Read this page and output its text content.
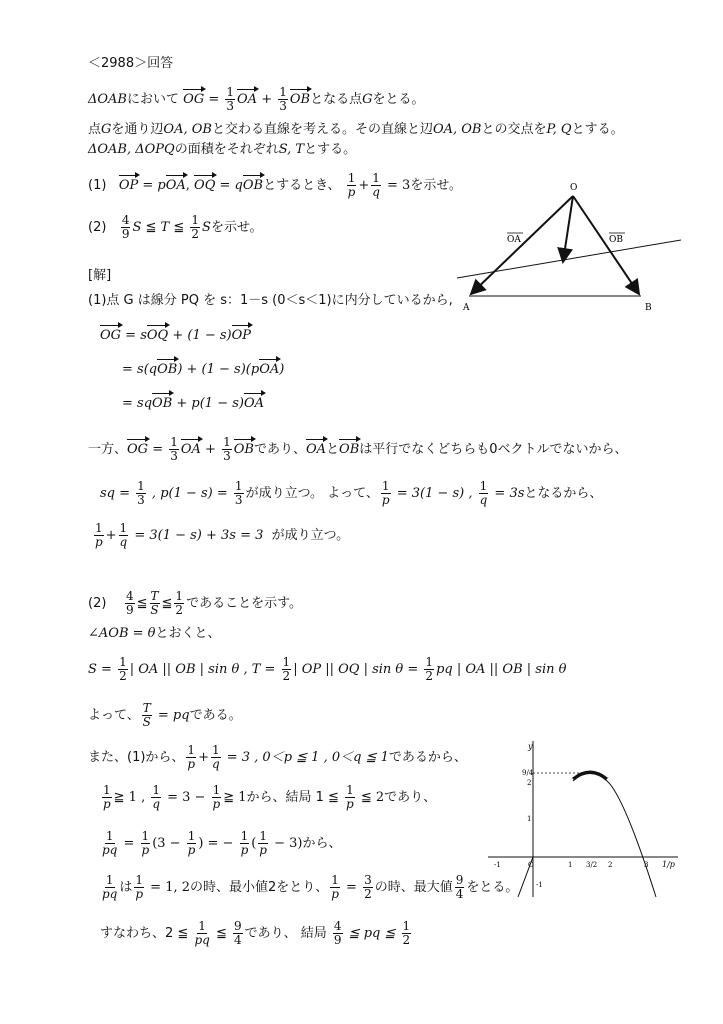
＜2988＞回答
ΔOABにおいて OG = $\frac{1}{3}$ OA + $\frac{1}{3}$ OBとなる点Gをとる。
点Gを通り辺OA, OBと交わる直線を考える。その直線と辺OA, OBとの交点をP, Qとする。
ΔOAB, ΔOPQの面積をそれぞれS, Tとする。
(1) OP = pOA, OQ = qOBとするとき、 $\frac{1}{p} + \frac{1}{q} = 3$を示せ。
$(2) \frac{4}{9}$ S ≦ T ≦ $\frac{1}{2}$ Sを示せ。
O
A	B
OA	OB
[解]
(1)点 G は線分 PQ を s：1－s (0＜s＜1)に内分しているから,
OG = sOQ + (1 − s)OP
= s(qOB) + (1 − s)(pOA)
= sqOB + p(1 − s)OA
一方、OG = $\frac{1}{3}$ OA + $\frac{1}{3}$ OBであり、OAとOBは平行でなくどちらも0ベクトルでないから、
sq = $\frac{1}{3}$ , $p(1 - s) = \frac{1}{3}$ が成り立つ。 よって、 $\frac{1}{p} = 3(1 - s)$ , $\frac{1}{q} = 3s$となるから、
$\frac{1}{p} + \frac{1}{q} = 3(1 - s) + 3s = 3$ が成り立つ。
$(2) \frac{4}{9}$ ≦ $\frac{T}{S}$ ≦ $\frac{1}{2}$ であることを示す。
∠AOB = θとおくと、
$S = \frac{1}{2}$ | OA || OB | sin θ , $T = \frac{1}{2}$ | OP || OQ | $\sin \theta = \frac{1}{2}$ pq | OA || OB | sin θ
よって、 $\frac{T}{S}$ = pqである。
また、(1)から、 $\frac{1}{p} + \frac{1}{q} = 3$ , 0＜p ≦ 1 , 0＜q ≦ 1であるから、
$\frac{1}{p}$ ≧ 1 , $\frac{1}{q} = 3 - \frac{1}{p}$ ≧ 1から、結局 1 ≦ $\frac{1}{p}$ ≦ 2であり、
$\frac{1}{pq} = \frac{1}{p} (3 - \frac{1}{p}$ ) = − $\frac{1}{p}$ ( $\frac{1}{p} - 3$)から、
$\frac{1}{pq}$ は $\frac{1}{p} = 1$, 2の時、最小値2をとり、 $\frac{1}{p} = \frac{3}{2}$ の時、最大値 $\frac{9}{4}$ をとる。
すなわち、2 ≦ $\frac{1}{pq}$ ≦ $\frac{9}{4}$ であり、 結局 $\frac{4}{9}$ ≦ pq ≦ $\frac{1}{2}$
y
9/4
2
1
-1
-1	O	1 3/2 2	3 1/p
